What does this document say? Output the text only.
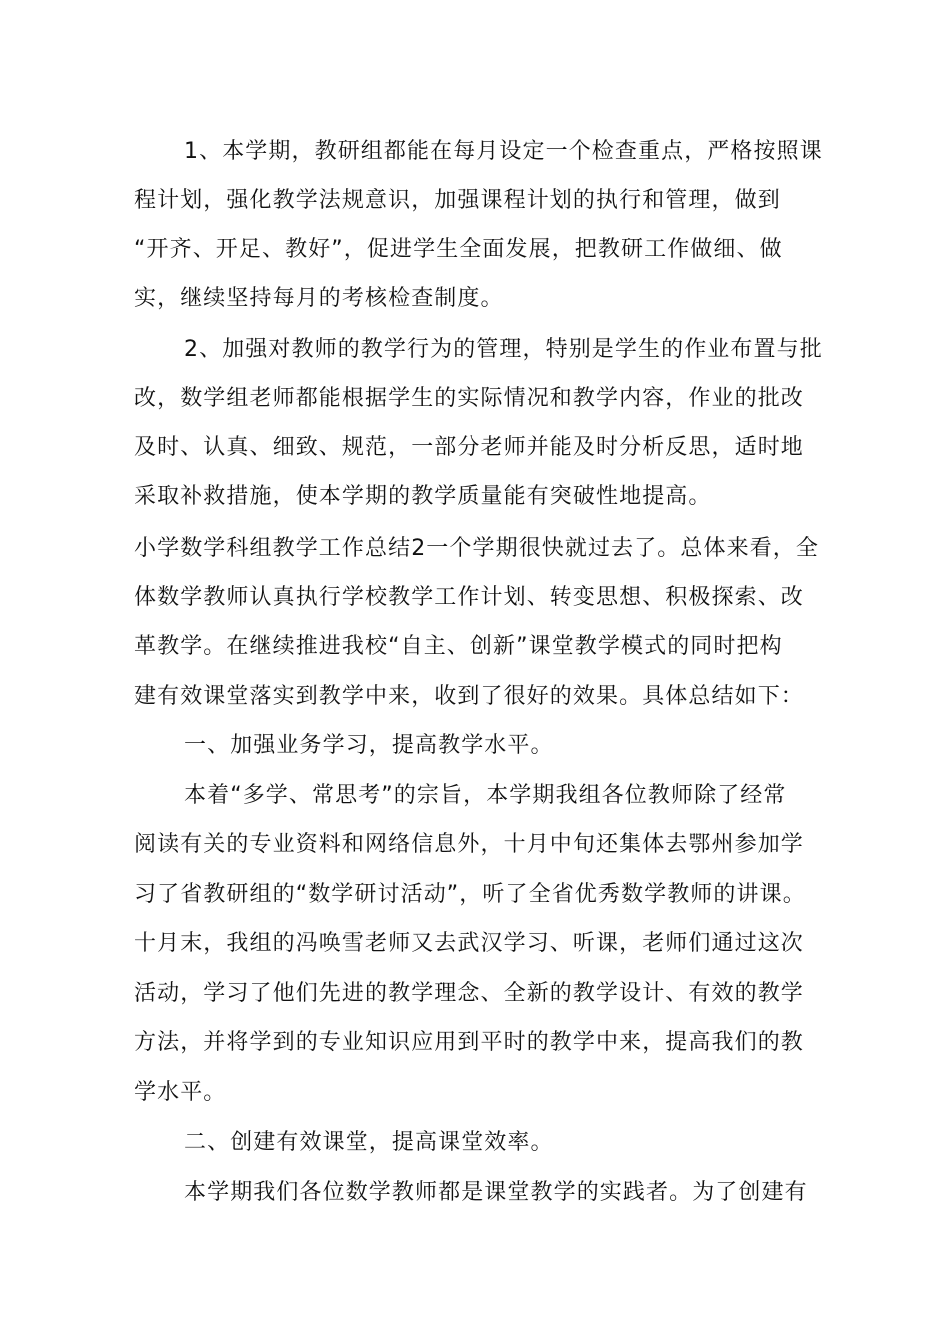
1、本学期，教研组都能在每月设定一个检查重点，严格按照课
程计划，强化教学法规意识，加强课程计划的执行和管理，做到
“开齐、开足、教好”，促进学生全面发展，把教研工作做细、做
实，继续坚持每月的考核检查制度。
2、加强对教师的教学行为的管理，特别是学生的作业布置与批
改，数学组老师都能根据学生的实际情况和教学内容，作业的批改
及时、认真、细致、规范，一部分老师并能及时分析反思，适时地
采取补救措施，使本学期的教学质量能有突破性地提高。
小学数学科组教学工作总结2一个学期很快就过去了。总体来看，全
体数学教师认真执行学校教学工作计划、转变思想、积极探索、改
革教学。在继续推进我校“自主、创新”课堂教学模式的同时把构
建有效课堂落实到教学中来，收到了很好的效果。具体总结如下：
一、加强业务学习，提高教学水平。
本着“多学、常思考”的宗旨，本学期我组各位教师除了经常
阅读有关的专业资料和网络信息外，十月中旬还集体去鄂州参加学
习了省教研组的“数学研讨活动”，听了全省优秀数学教师的讲课。
十月末，我组的冯唤雪老师又去武汉学习、听课，老师们通过这次
活动，学习了他们先进的教学理念、全新的教学设计、有效的教学
方法，并将学到的专业知识应用到平时的教学中来，提高我们的教
学水平。
二、创建有效课堂，提高课堂效率。
本学期我们各位数学教师都是课堂教学的实践者。为了创建有
